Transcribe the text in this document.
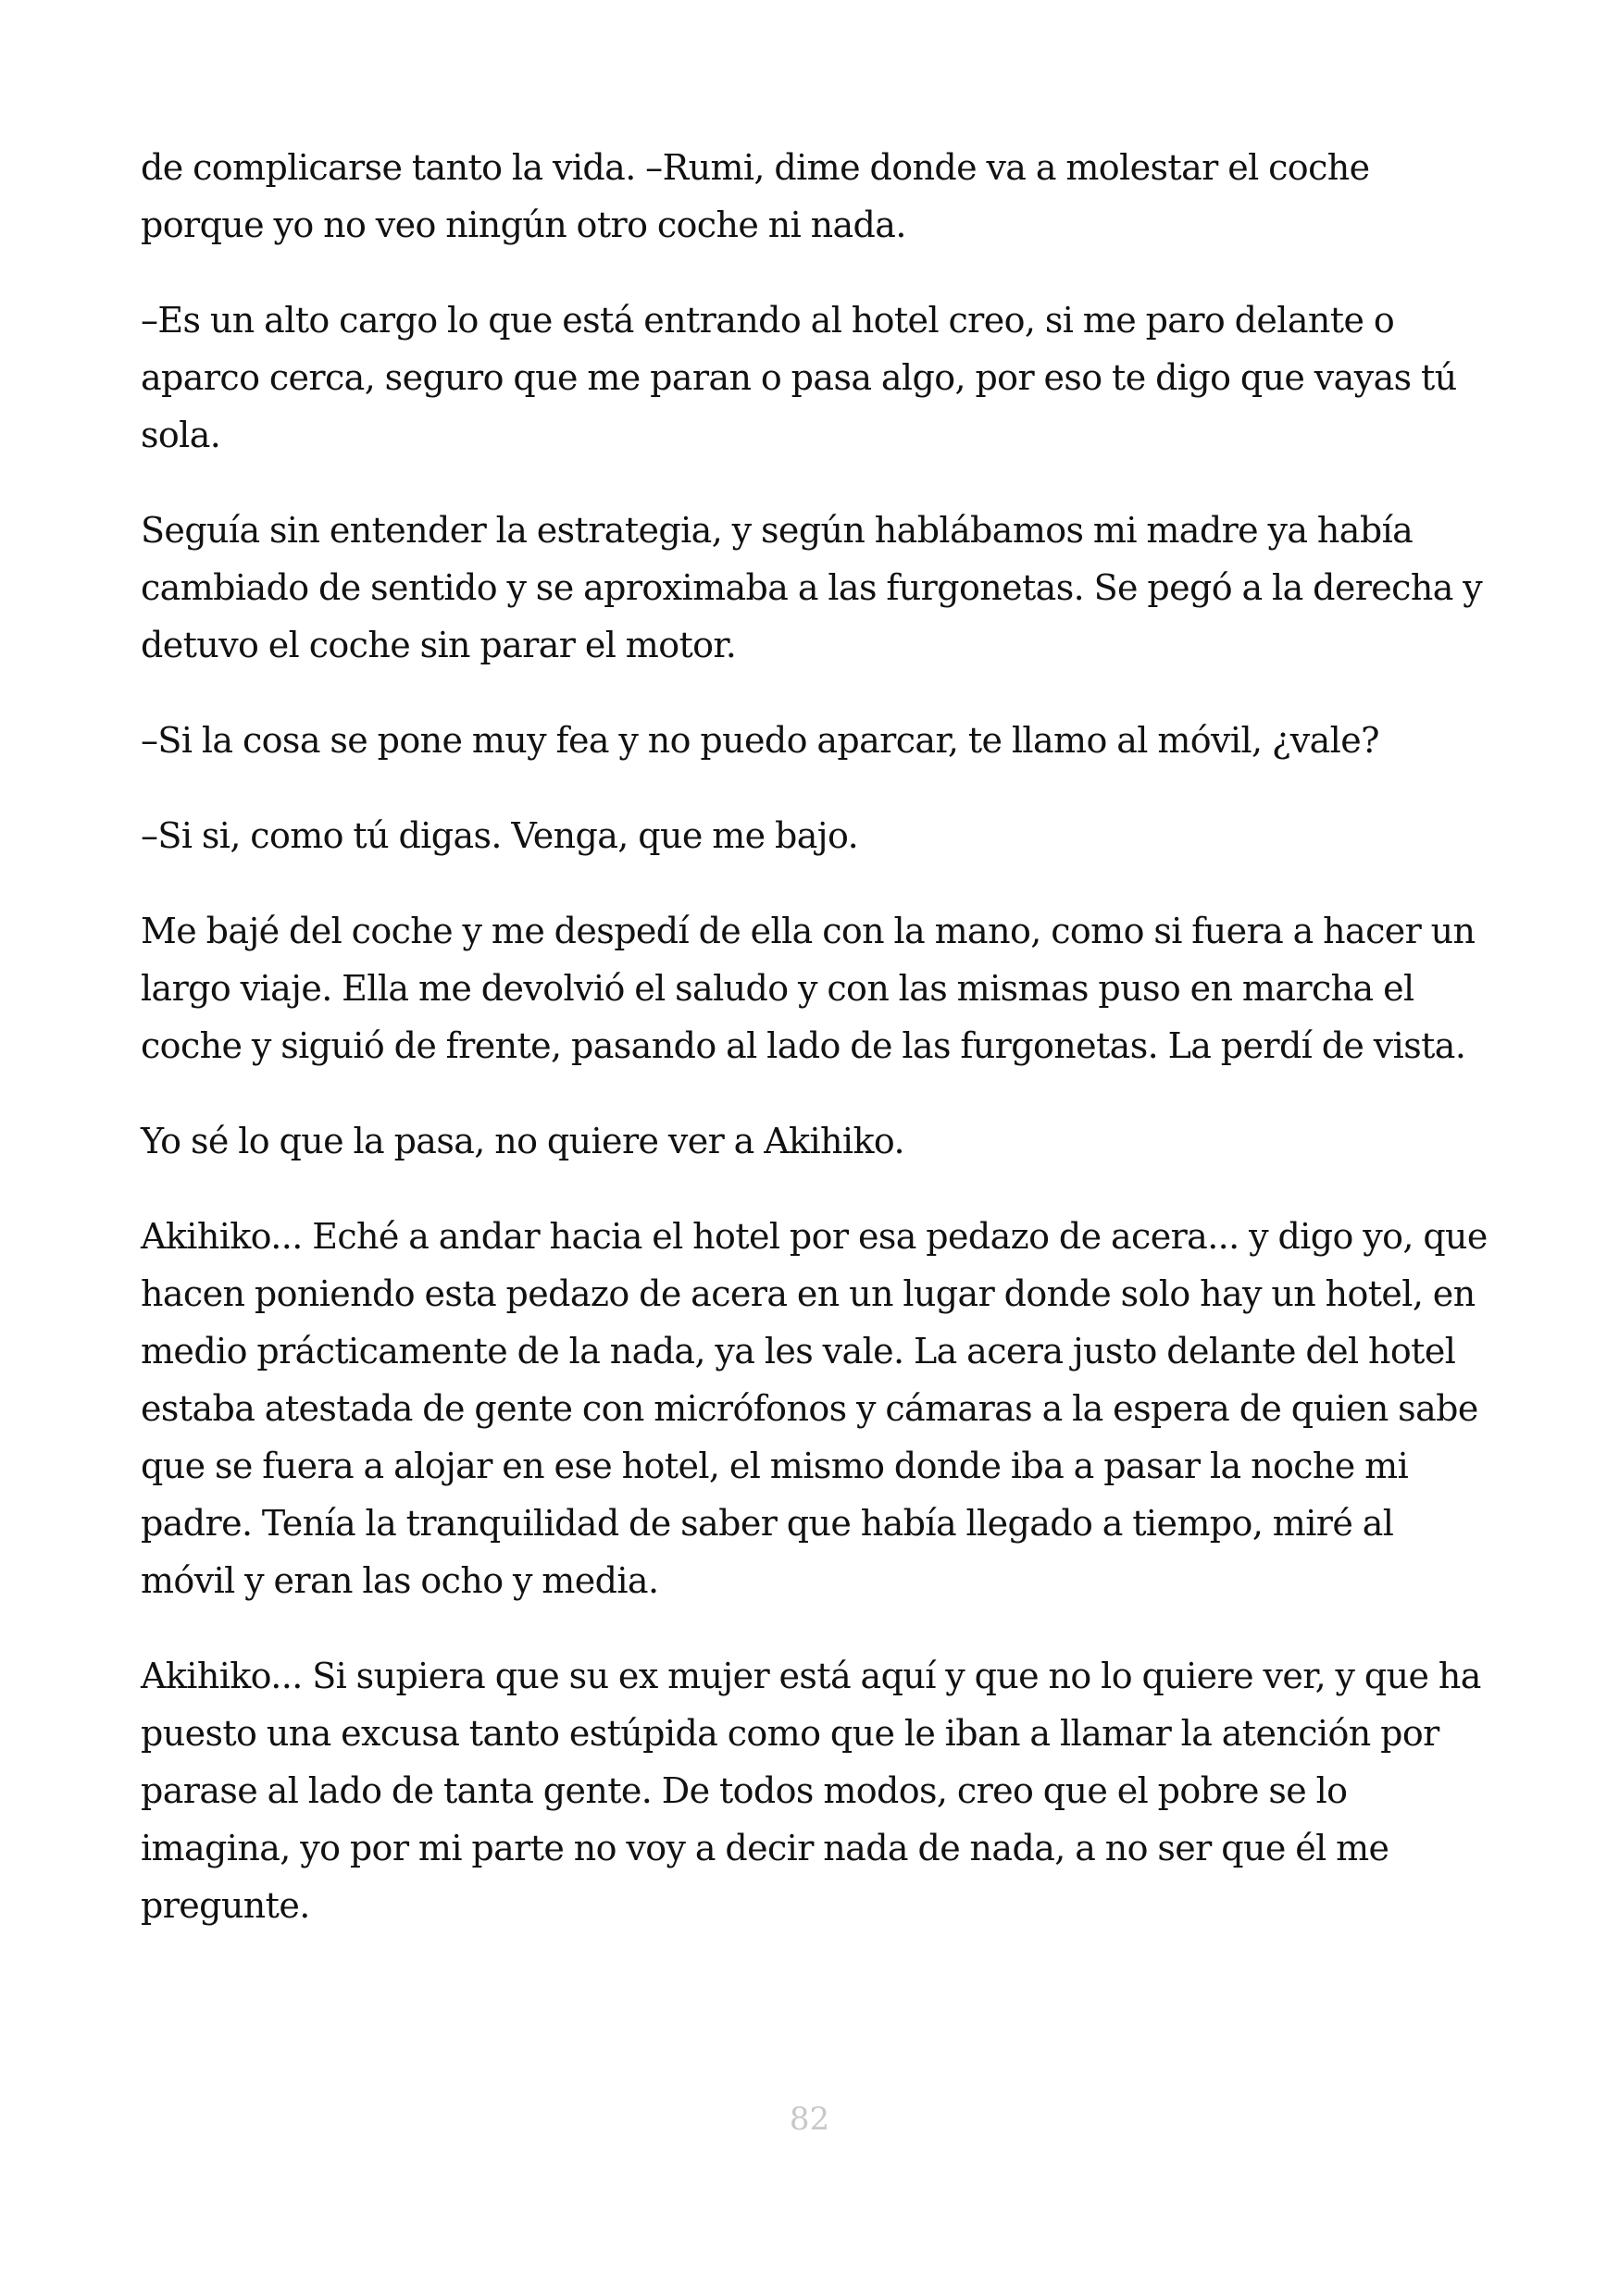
de complicarse tanto la vida. –Rumi, dime donde va a molestar el coche porque yo no veo ningún otro coche ni nada.

–Es un alto cargo lo que está entrando al hotel creo, si me paro delante o aparco cerca, seguro que me paran o pasa algo, por eso te digo que vayas tú sola.

Seguía sin entender la estrategia, y según hablábamos mi madre ya había cambiado de sentido y se aproximaba a las furgonetas. Se pegó a la derecha y detuvo el coche sin parar el motor.

–Si la cosa se pone muy fea y no puedo aparcar, te llamo al móvil, ¿vale?

–Si si, como tú digas. Venga, que me bajo.

Me bajé del coche y me despedí de ella con la mano, como si fuera a hacer un largo viaje. Ella me devolvió el saludo y con las mismas puso en marcha el coche y siguió de frente, pasando al lado de las furgonetas. La perdí de vista.

Yo sé lo que la pasa, no quiere ver a Akihiko.

Akihiko... Eché a andar hacia el hotel por esa pedazo de acera... y digo yo, que hacen poniendo esta pedazo de acera en un lugar donde solo hay un hotel, en medio prácticamente de la nada, ya les vale. La acera justo delante del hotel estaba atestada de gente con micrófonos y cámaras a la espera de quien sabe que se fuera a alojar en ese hotel, el mismo donde iba a pasar la noche mi padre. Tenía la tranquilidad de saber que había llegado a tiempo, miré al móvil y eran las ocho y media.

Akihiko... Si supiera que su ex mujer está aquí y que no lo quiere ver, y que ha puesto una excusa tanto estúpida como que le iban a llamar la atención por parase al lado de tanta gente. De todos modos, creo que el pobre se lo imagina, yo por mi parte no voy a decir nada de nada, a no ser que él me pregunte.

82
